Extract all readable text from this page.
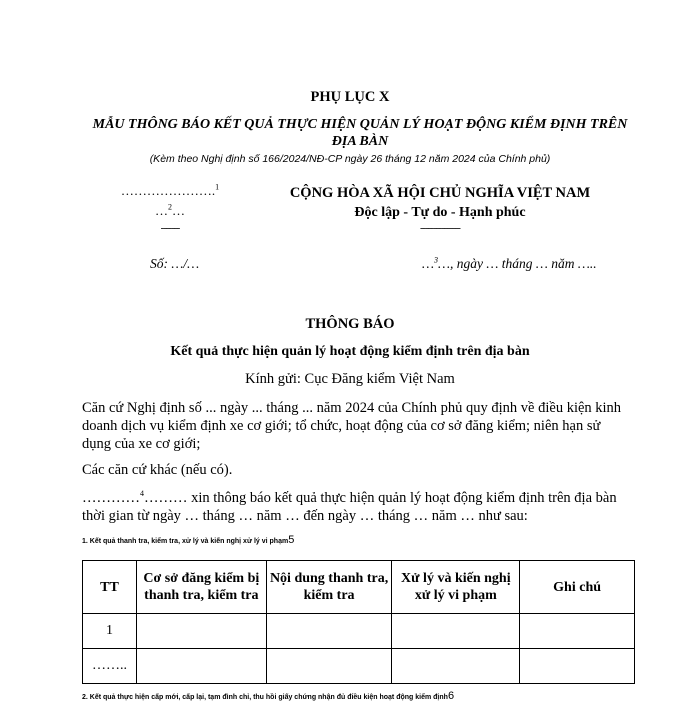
PHỤ LỤC X
MẪU THÔNG BÁO KẾT QUẢ THỰC HIỆN QUẢN LÝ HOẠT ĐỘNG KIỂM ĐỊNH TRÊN ĐỊA BÀN
(Kèm theo Nghị định số 166/2024/NĐ-CP ngày 26 tháng 12 năm 2024 của Chính phủ)
………………….$^1$
…$^2$…
-------
CỘNG HÒA XÃ HỘI CHỦ NGHĨA VIỆT NAM
Độc lập - Tự do - Hạnh phúc
---------------
Số: …/…	…$^3$…, ngày … tháng … năm …..
THÔNG BÁO
Kết quả thực hiện quản lý hoạt động kiểm định trên địa bàn
Kính gửi: Cục Đăng kiểm Việt Nam
Căn cứ Nghị định số ... ngày ... tháng ... năm 2024 của Chính phủ quy định về điều kiện kinh doanh dịch vụ kiểm định xe cơ giới; tổ chức, hoạt động của cơ sở đăng kiểm; niên hạn sử dụng của xe cơ giới;
Các căn cứ khác (nếu có).
…………$^4$……… xin thông báo kết quả thực hiện quản lý hoạt động kiểm định trên địa bàn thời gian từ ngày … tháng … năm … đến ngày … tháng … năm … như sau:
1. Kết quả thanh tra, kiểm tra, xử lý và kiến nghị xử lý vi phạm5
TT	Cơ sở đăng kiểm bị thanh tra, kiểm tra	Nội dung thanh tra, kiểm tra	Xử lý và kiến nghị xử lý vi phạm	Ghi chú
1				
……..				
2. Kết quả thực hiện cấp mới, cấp lại, tạm đình chỉ, thu hồi giấy chứng nhận đủ điều kiện hoạt động kiểm định6
